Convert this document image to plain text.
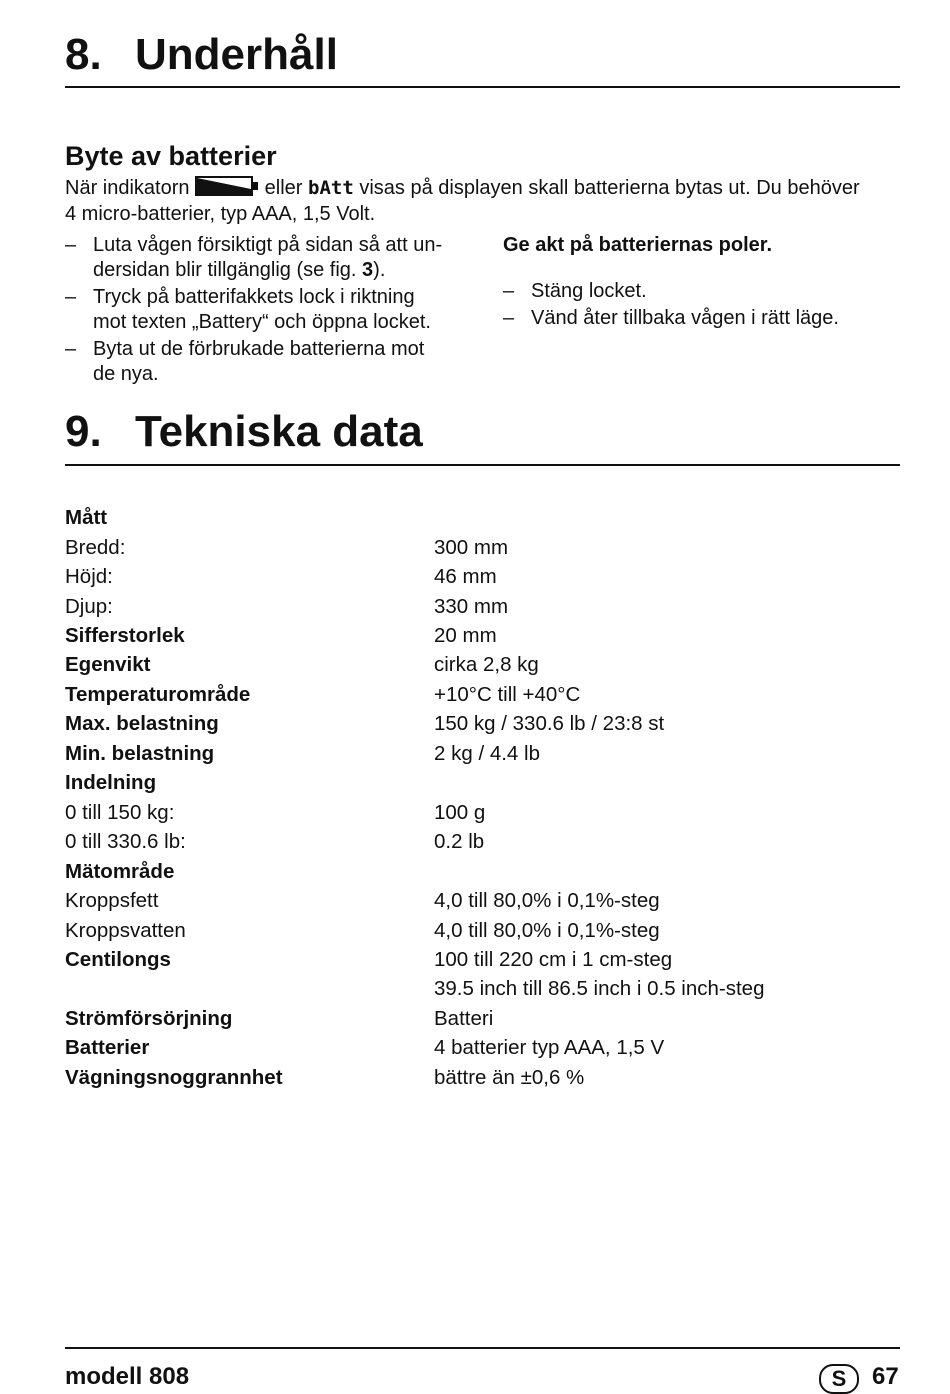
8. Underhåll
Byte av batterier
När indikatorn	eller bAtt visas på displayen skall batterierna bytas ut. Du behöver
4 micro-batterier, typ AAA, 1,5 Volt.
– Luta vågen försiktigt på sidan så att un-
dersidan blir tillgänglig (se fig. 3).
– Tryck på batterifakkets lock i riktning
mot texten „Battery“ och öppna locket.
– Byta ut de förbrukade batterierna mot
de nya.
Ge akt på batteriernas poler.
– Stäng locket.
– Vänd åter tillbaka vågen i rätt läge.
9. Tekniska data
Mått
Bredd:	300 mm
Höjd:	46 mm
Djup:	330 mm
Sifferstorlek	20 mm
Egenvikt	cirka 2,8 kg
Temperaturområde	+10°C till +40°C
Max. belastning	150 kg / 330.6 lb / 23:8 st
Min. belastning	2 kg / 4.4 lb
Indelning
0 till 150 kg:	100 g
0 till 330.6 lb:	0.2 lb
Mätområde
Kroppsfett	4,0 till 80,0% i 0,1%-steg
Kroppsvatten	4,0 till 80,0% i 0,1%-steg
Centilongs	100 till 220 cm i 1 cm-steg
39.5 inch till 86.5 inch i 0.5 inch-steg
Strömförsörjning	Batteri
Batterier	4 batterier typ AAA, 1,5 V
Vägningsnoggrannhet	bättre än ±0,6 %
modell 808	S	67
